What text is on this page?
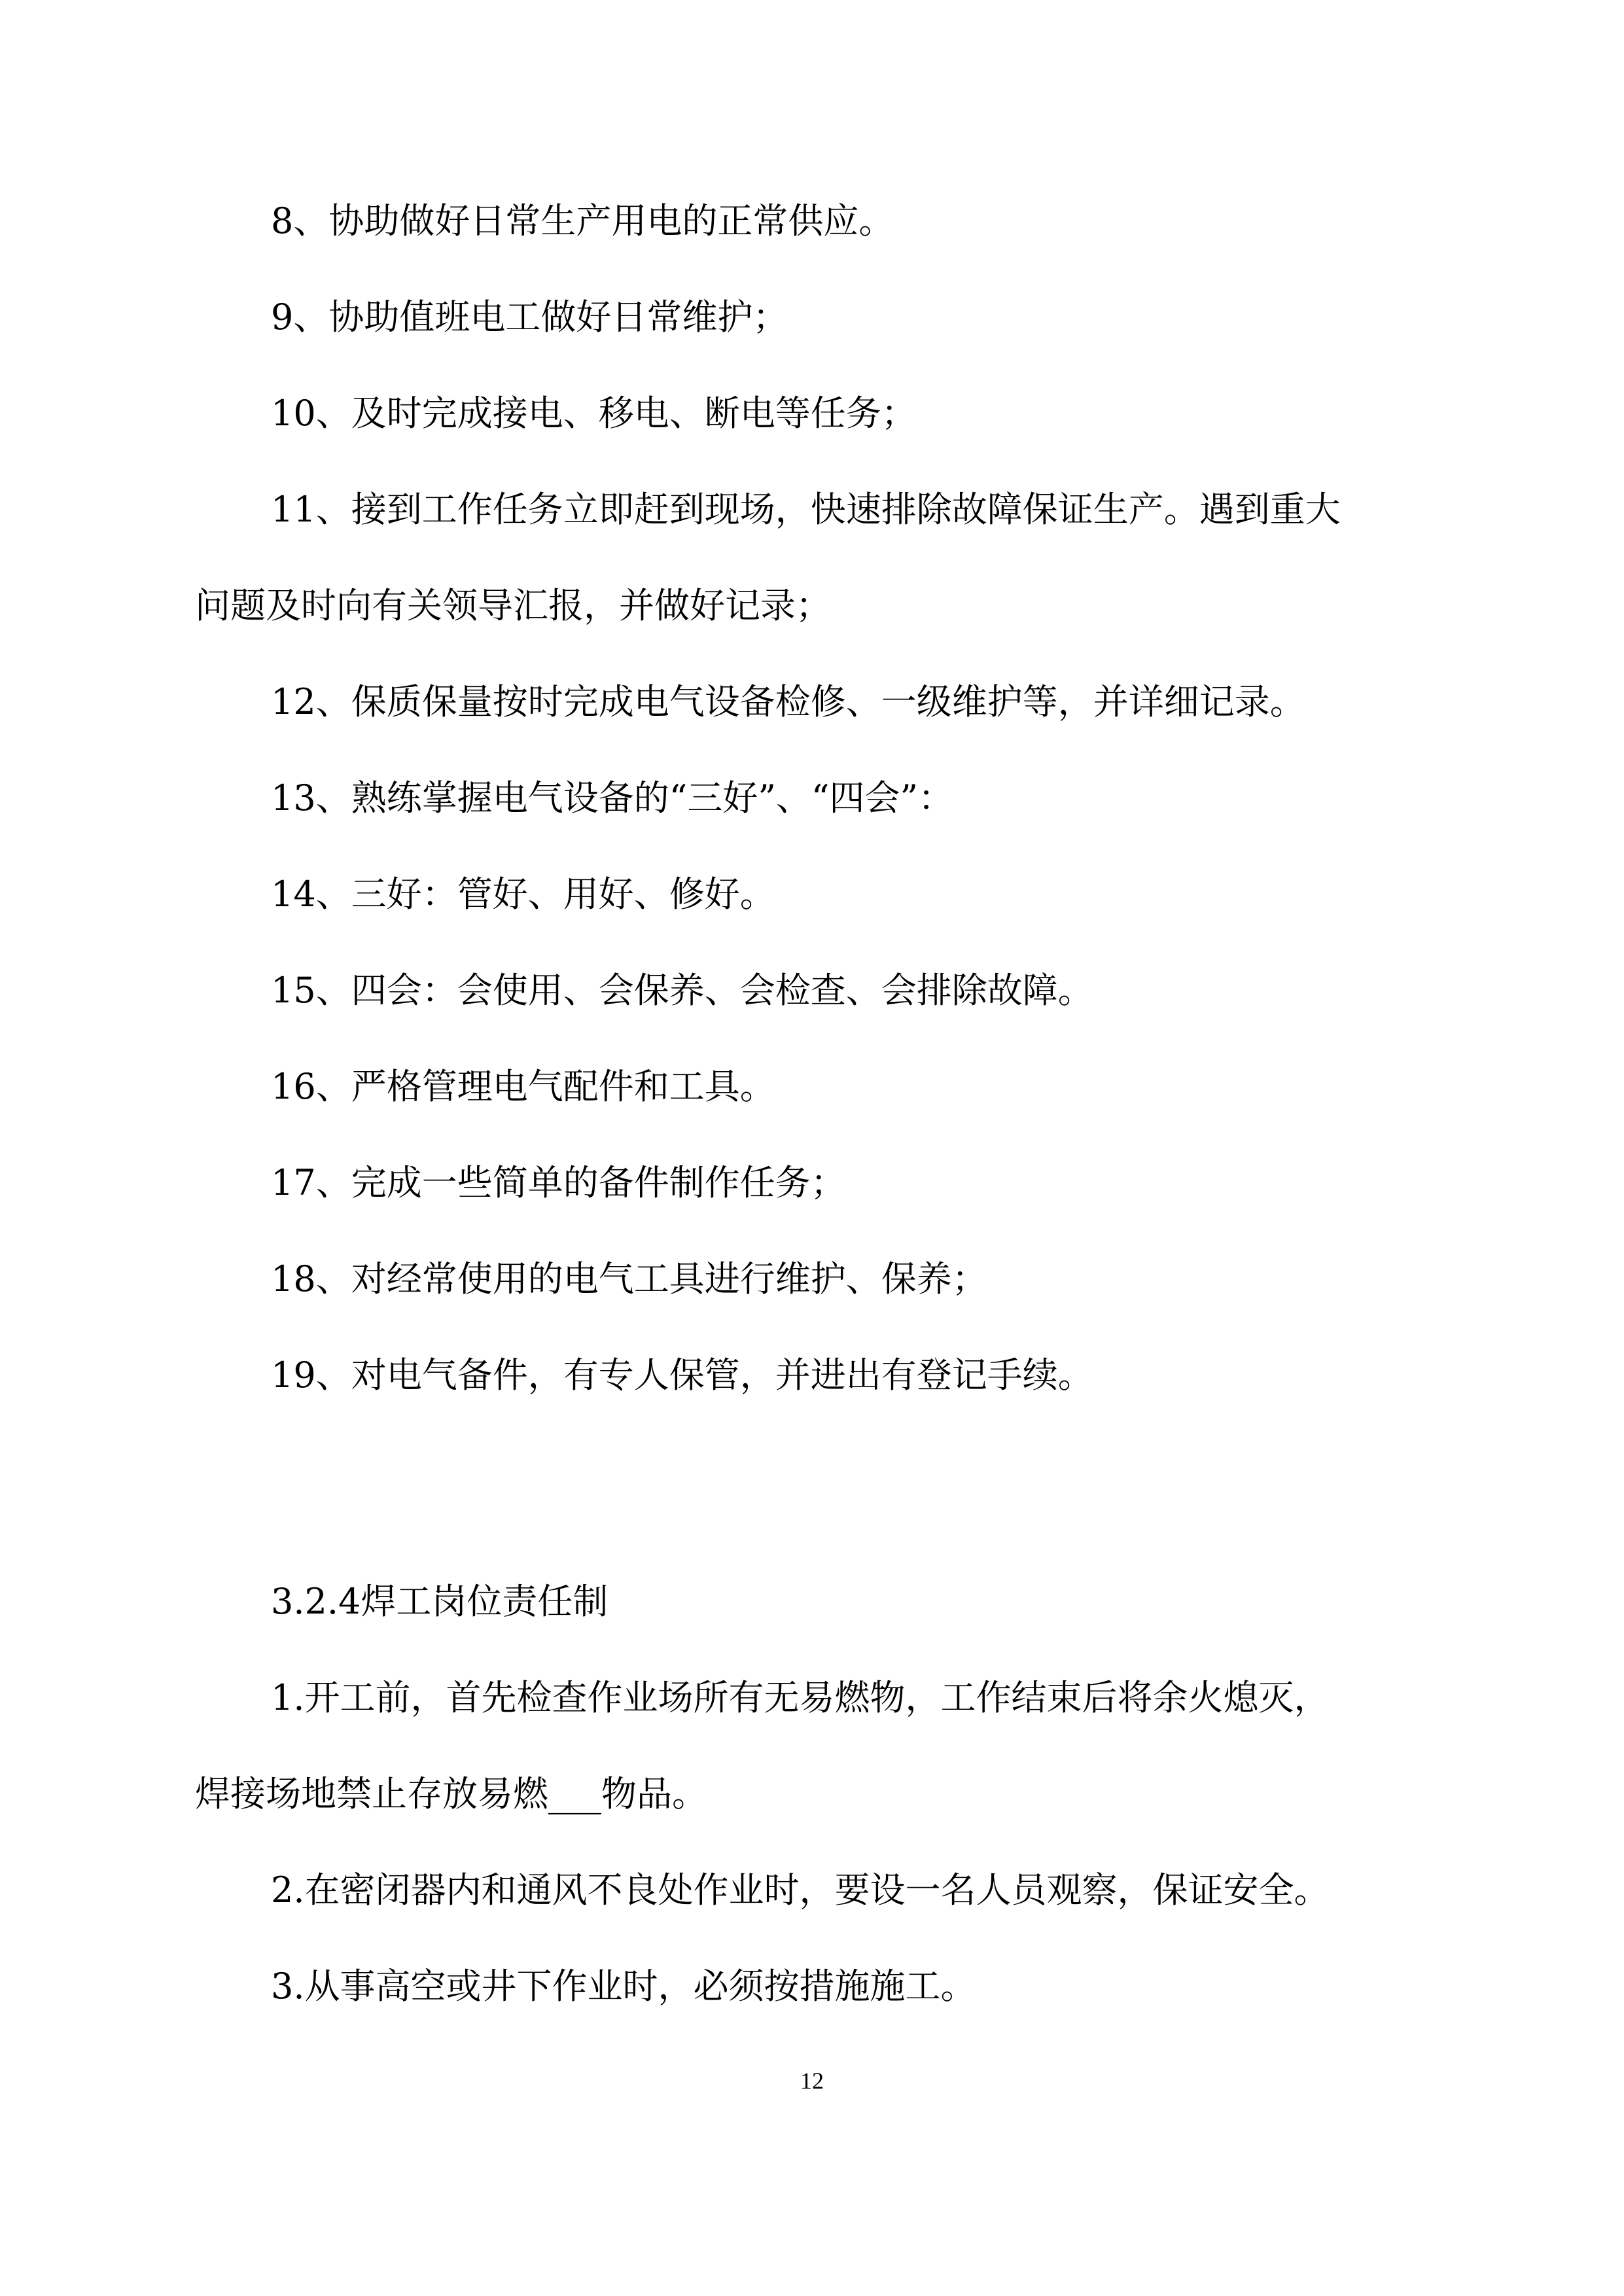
8、协助做好日常生产用电的正常供应。
9、协助值班电工做好日常维护；
10、及时完成接电、移电、断电等任务；
11、接到工作任务立即赶到现场，快速排除故障保证生产。遇到重大
问题及时向有关领导汇报，并做好记录；
12、保质保量按时完成电气设备检修、一级维护等，并详细记录。
13、熟练掌握电气设备的“三好”、“四会”：
14、三好：管好、用好、修好。
15、四会：会使用、会保养、会检查、会排除故障。
16、严格管理电气配件和工具。
17、完成一些简单的备件制作任务；
18、对经常使用的电气工具进行维护、保养；
19、对电气备件，有专人保管，并进出有登记手续。
3.2.4焊工岗位责任制
1.开工前，首先检查作业场所有无易燃物，工作结束后将余火熄灭，
焊接场地禁止存放易燃___物品。
2.在密闭器内和通风不良处作业时，要设一名人员观察，保证安全。
3.从事高空或井下作业时，必须按措施施工。
12
